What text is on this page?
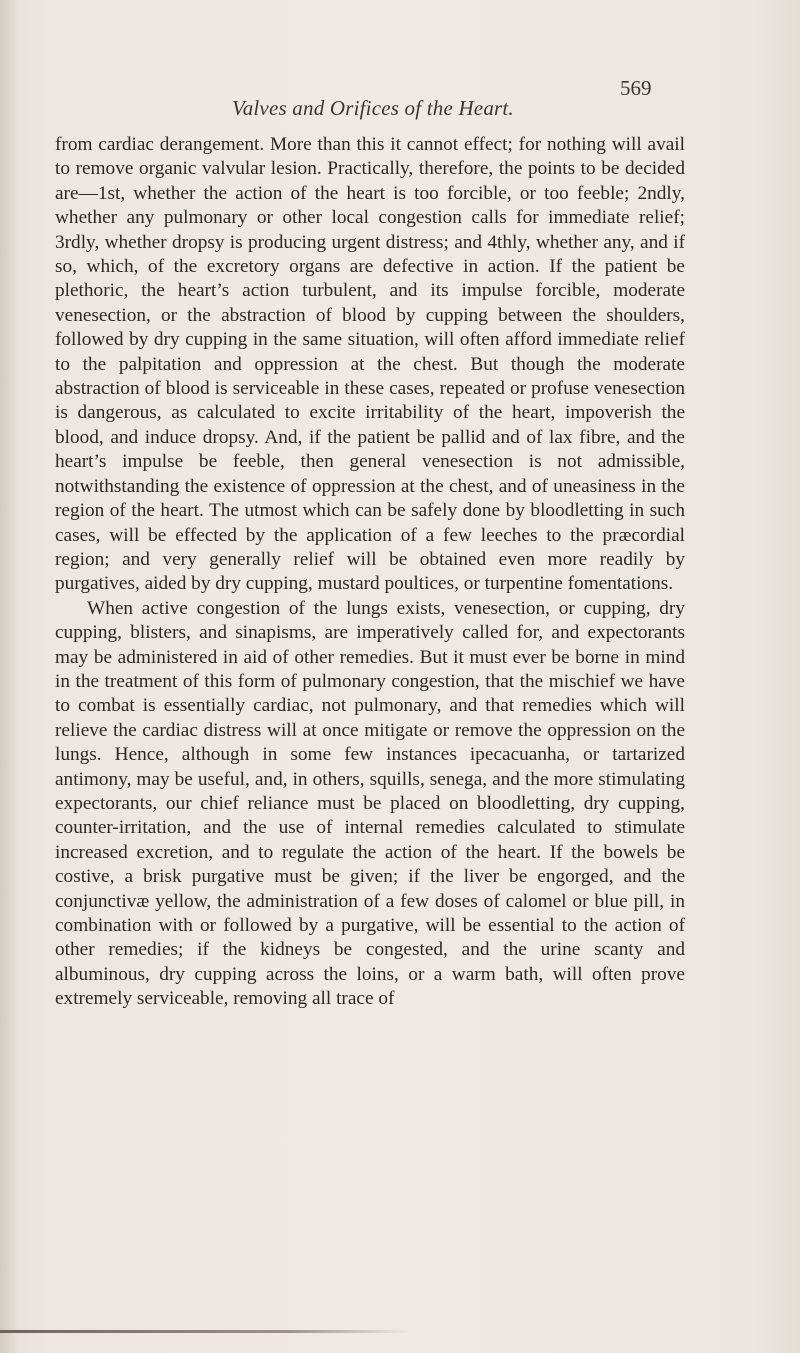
Valves and Orifices of the Heart.
569

from cardiac derangement. More than this it cannot effect; for nothing will avail to remove organic valvular lesion. Practically, therefore, the points to be decided are—1st, whether the action of the heart is too forcible, or too feeble; 2ndly, whether any pulmonary or other local congestion calls for immediate relief; 3rdly, whether dropsy is producing urgent distress; and 4thly, whether any, and if so, which, of the excretory organs are defective in action. If the patient be plethoric, the heart’s action turbulent, and its impulse forcible, moderate venesection, or the abstraction of blood by cupping between the shoulders, followed by dry cupping in the same situation, will often afford immediate relief to the palpitation and oppression at the chest. But though the moderate abstraction of blood is serviceable in these cases, repeated or profuse venesection is dangerous, as calculated to excite irritability of the heart, impoverish the blood, and induce dropsy. And, if the patient be pallid and of lax fibre, and the heart’s impulse be feeble, then general venesection is not admissible, notwithstanding the existence of oppression at the chest, and of uneasiness in the region of the heart. The utmost which can be safely done by bloodletting in such cases, will be effected by the application of a few leeches to the præcordial region; and very generally relief will be obtained even more readily by purgatives, aided by dry cupping, mustard poultices, or turpentine fomentations.

When active congestion of the lungs exists, venesection, or cupping, dry cupping, blisters, and sinapisms, are imperatively called for, and expectorants may be administered in aid of other remedies. But it must ever be borne in mind in the treatment of this form of pulmonary congestion, that the mischief we have to combat is essentially cardiac, not pulmonary, and that remedies which will relieve the cardiac distress will at once mitigate or remove the oppression on the lungs. Hence, although in some few instances ipecacuanha, or tartarized antimony, may be useful, and, in others, squills, senega, and the more stimulating expectorants, our chief reliance must be placed on bloodletting, dry cupping, counter-irritation, and the use of internal remedies calculated to stimulate increased excretion, and to regulate the action of the heart. If the bowels be costive, a brisk purgative must be given; if the liver be engorged, and the conjunctivæ yellow, the administration of a few doses of calomel or blue pill, in combination with or followed by a purgative, will be essential to the action of other remedies; if the kidneys be congested, and the urine scanty and albuminous, dry cupping across the loins, or a warm bath, will often prove extremely serviceable, removing all trace of
